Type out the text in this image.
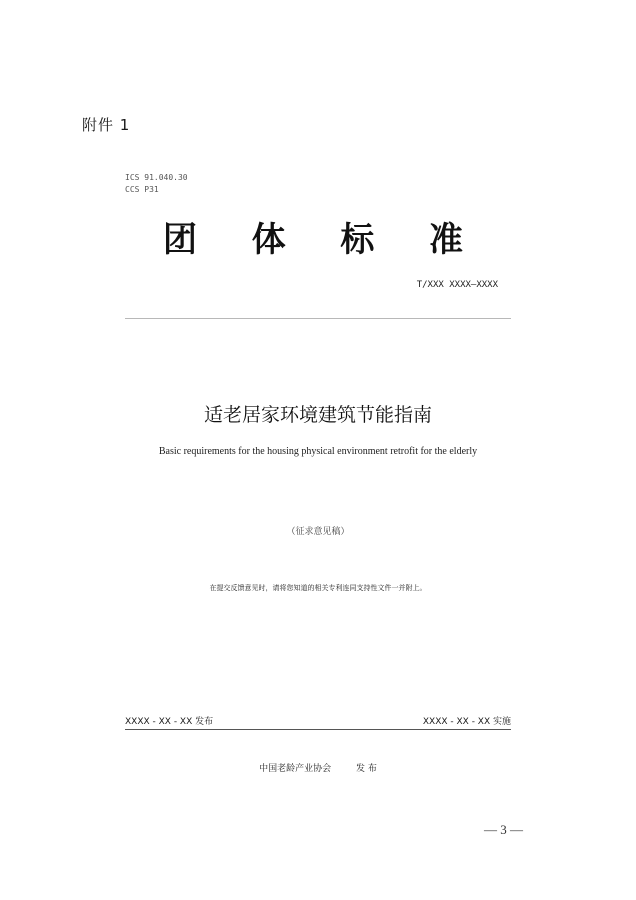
附件 1
ICS 91.040.30
CCS P31
团 体 标 准
T/XXX XXXX—XXXX
适老居家环境建筑节能指南
Basic requirements for the housing physical environment retrofit for the elderly
（征求意见稿）
在提交反馈意见时，请将您知道的相关专利连同支持性文件一并附上。
XXXX - XX - XX 发布	XXXX - XX - XX 实施
中国老龄产业协会	发 布
— 3 —
